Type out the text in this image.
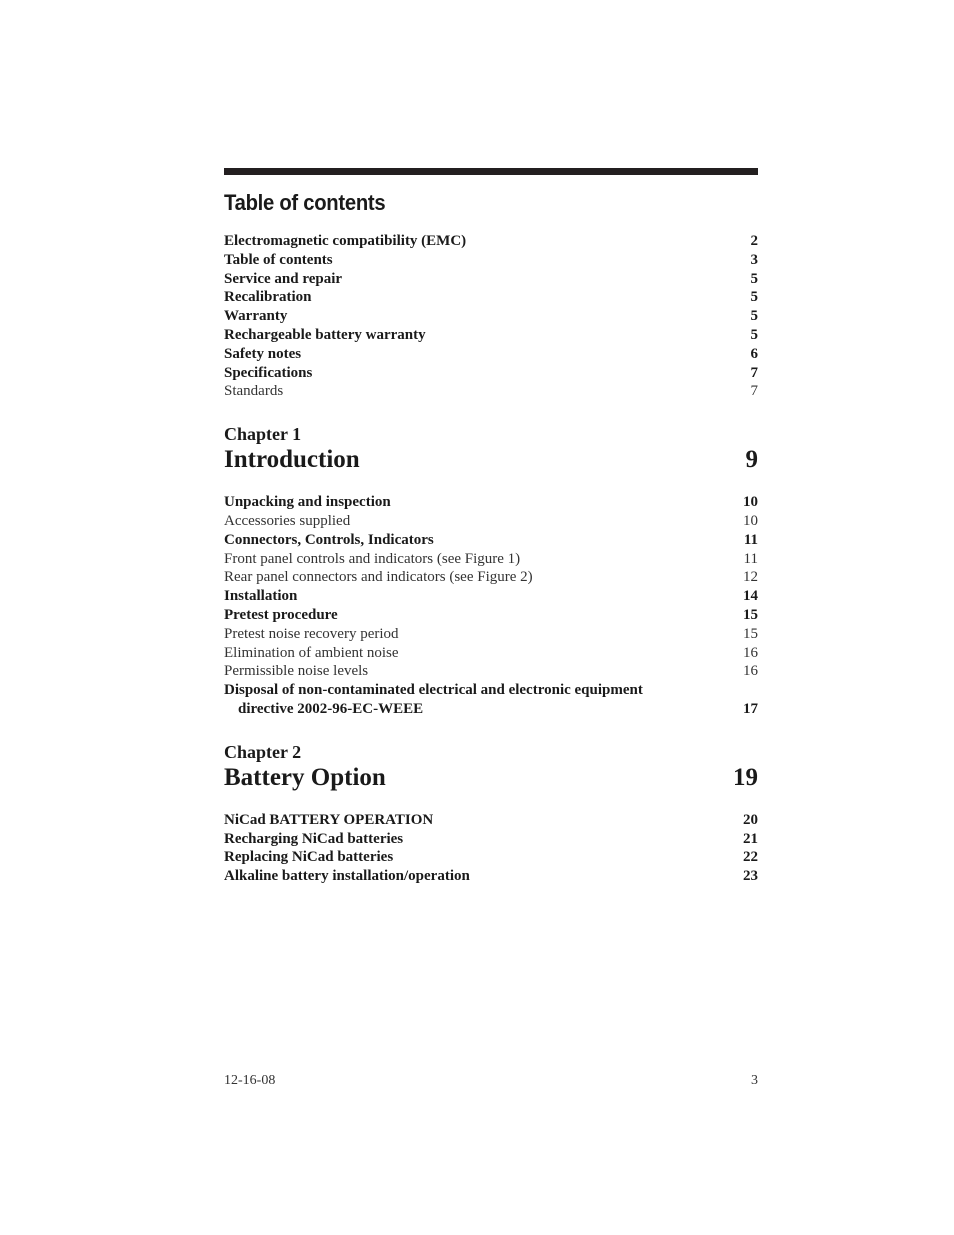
Table of contents
Electromagnetic compatibility (EMC)	2
Table of contents	3
Service and repair	5
Recalibration	5
Warranty	5
Rechargeable battery warranty	5
Safety notes	6
Specifications	7
Standards	7
Chapter 1
Introduction	9
Unpacking and inspection	10
Accessories supplied	10
Connectors, Controls, Indicators	11
Front panel controls and indicators (see Figure 1)	11
Rear panel connectors and indicators (see Figure 2)	12
Installation	14
Pretest procedure	15
Pretest noise recovery period	15
Elimination of ambient noise	16
Permissible noise levels	16
Disposal of non-contaminated electrical and electronic equipment
directive 2002-96-EC-WEEE	17
Chapter 2
Battery Option	19
NiCad BATTERY OPERATION	20
Recharging NiCad batteries	21
Replacing NiCad batteries	22
Alkaline battery installation/operation	23
12-16-08	3
